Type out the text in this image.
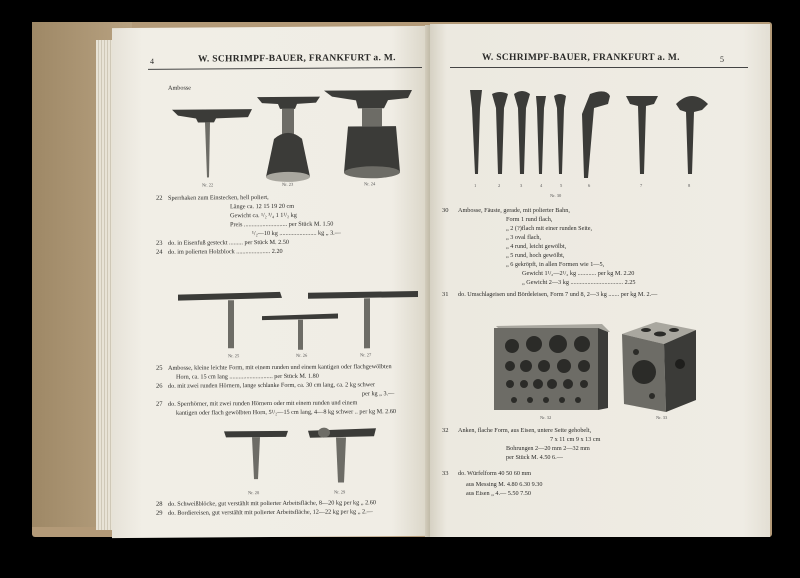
4	W. SCHRIMPF-BAUER, FRANKFURT a. M.
Ambosse
Nr. 22	Nr. 23	Nr. 24
22 Sperrhaken zum Einstecken, hell poliert,
Länge ca. 12 15 19 20 cm
Gewicht ca. ¹/₂ ³/₄ 1 1¹/₂ kg
Preis ............................ per Stück M. 1.50
¹/₂—10 kg ........................ kg „ 3.—
23 do. in Eisenfuß gesteckt ......... per Stück M. 2.50
24 do. im polierten Holzblock ...................... 2.20
Nr. 25	Nr. 26	Nr. 27
25 Ambosse, kleine leichte Form, mit einem runden und einem kantigen oder flachgewölbten
Horn, ca. 15 cm lang ............................ per Stück M. 1.80
26 do. mit zwei runden Hörnern, lange schlanke Form, ca. 30 cm lang, ca. 2 kg schwer
per kg „ 3.—
27 do. Sperrhörner, mit zwei runden Hörnern oder mit einem runden und einem
kantigen oder flach gewölbten Horn, 5¹/₂—15 cm lang, 4—8 kg schwer .. per kg M. 2.60
Nr. 28	Nr. 29
28 do. Schweißblöcke, gut verstählt mit polierter Arbeitsfläche, 8—20 kg per kg „ 2.60
29 do. Bordiereisen, gut verstählt mit polierter Arbeitsfläche, 12—22 kg per kg „ 2.—
W. SCHRIMPF-BAUER, FRANKFURT a. M.	5
1	2	3	4	5	6	7	8
Nr. 30
30 Ambosse, Fäuste, gerade, mit polierter Bahn,
Form 1 rund flach,
„ 2 (?)flach mit einer runden Seite,
„ 3 oval flach,
„ 4 rund, leicht gewölbt,
„ 5 rund, hoch gewölbt,
„ 6 gekröpft, in allen Formen wie 1—5,
Gewicht 1¹/₂—2¹/₂ kg ............ per kg M. 2.20
„ Gewicht 2—3 kg .................................. 2.25
31 do. Umschlageisen und Bördeleisen, Form 7 und 8, 2—3 kg ....... per kg M. 2.—
Nr. 32	Nr. 33
32 Anken, flache Form, aus Eisen, untere Seite gehobelt,
7 x 11 cm 9 x 13 cm
Bohrungen 2—20 mm 2—32 mm
per Stück M. 4.50 6.—
33 do. Würfelform 40 50 60 mm
aus Messing M. 4.80 6.30 9.30
aus Eisen „ 4.— 5.50 7.50
